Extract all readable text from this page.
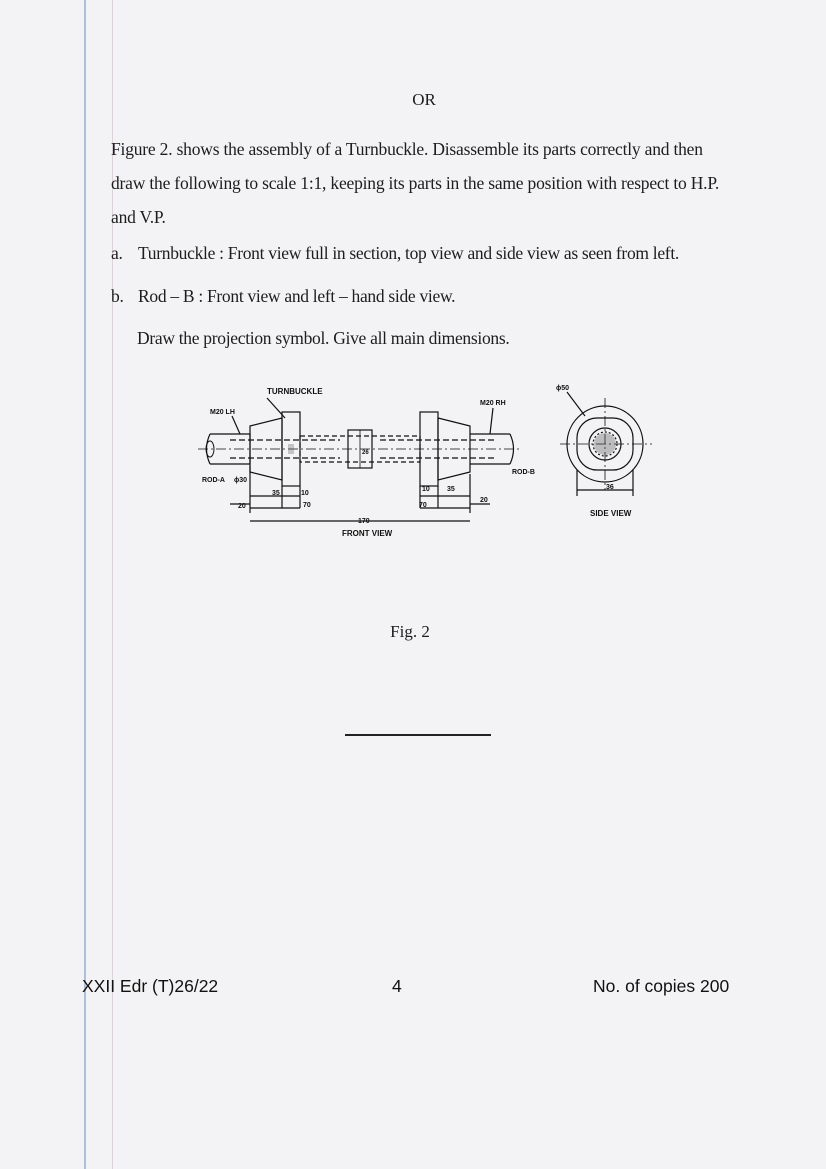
OR
Figure 2. shows the assembly of a Turnbuckle. Disassemble its parts correctly and then draw the following to scale 1:1, keeping its parts in the same position with respect to H.P. and V.P.
a. Turnbuckle : Front view full in section, top view and side view as seen from left.
b. Rod – B : Front view and left – hand side view.
Draw the projection symbol. Give all main dimensions.
TURNBUCKLE
M20 LH
M20 RH
ROD-A ϕ30
ROD-B
ϕ50
20
35	10
70
26
10 35
70
20
170
36
FRONT VIEW
SIDE VIEW
Fig. 2
XXII Edr (T)26/22	4	No. of copies 200
